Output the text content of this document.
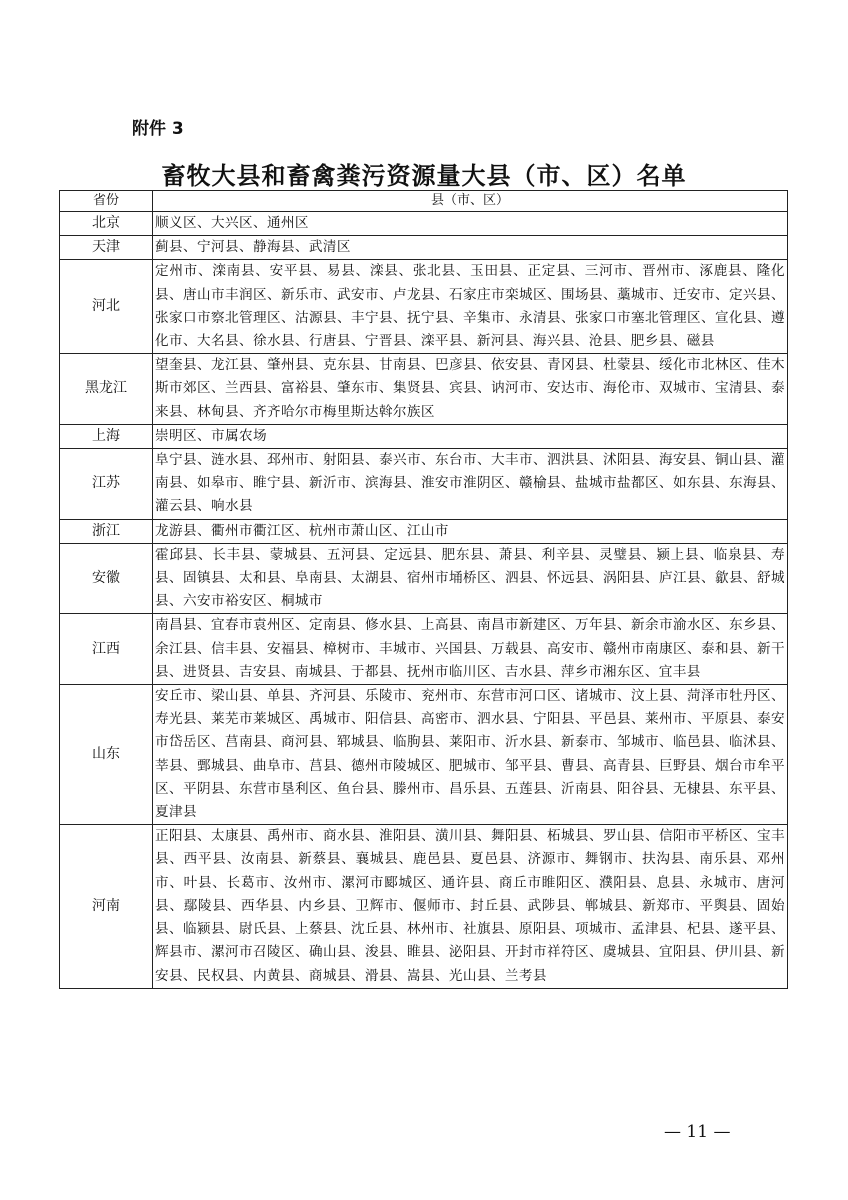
附件 3
畜牧大县和畜禽粪污资源量大县（市、区）名单
省份	县（市、区）
北京	顺义区、大兴区、通州区
天津	蓟县、宁河县、静海县、武清区
河北	定州市、滦南县、安平县、易县、滦县、张北县、玉田县、正定县、三河市、晋州市、涿鹿县、隆化县、唐山市丰润区、新乐市、武安市、卢龙县、石家庄市栾城区、围场县、藁城市、迁安市、定兴县、张家口市察北管理区、沽源县、丰宁县、抚宁县、辛集市、永清县、张家口市塞北管理区、宣化县、遵化市、大名县、徐水县、行唐县、宁晋县、滦平县、新河县、海兴县、沧县、肥乡县、磁县
黑龙江	望奎县、龙江县、肇州县、克东县、甘南县、巴彦县、依安县、青冈县、杜蒙县、绥化市北林区、佳木斯市郊区、兰西县、富裕县、肇东市、集贤县、宾县、讷河市、安达市、海伦市、双城市、宝清县、泰来县、林甸县、齐齐哈尔市梅里斯达斡尔族区
上海	崇明区、市属农场
江苏	阜宁县、涟水县、邳州市、射阳县、泰兴市、东台市、大丰市、泗洪县、沭阳县、海安县、铜山县、灌南县、如皋市、睢宁县、新沂市、滨海县、淮安市淮阴区、赣榆县、盐城市盐都区、如东县、东海县、灌云县、响水县
浙江	龙游县、衢州市衢江区、杭州市萧山区、江山市
安徽	霍邱县、长丰县、蒙城县、五河县、定远县、肥东县、萧县、利辛县、灵璧县、颍上县、临泉县、寿县、固镇县、太和县、阜南县、太湖县、宿州市埇桥区、泗县、怀远县、涡阳县、庐江县、歙县、舒城县、六安市裕安区、桐城市
江西	南昌县、宜春市袁州区、定南县、修水县、上高县、南昌市新建区、万年县、新余市渝水区、东乡县、余江县、信丰县、安福县、樟树市、丰城市、兴国县、万载县、高安市、赣州市南康区、泰和县、新干县、进贤县、吉安县、南城县、于都县、抚州市临川区、吉水县、萍乡市湘东区、宜丰县
山东	安丘市、梁山县、单县、齐河县、乐陵市、兖州市、东营市河口区、诸城市、汶上县、菏泽市牡丹区、寿光县、莱芜市莱城区、禹城市、阳信县、高密市、泗水县、宁阳县、平邑县、莱州市、平原县、泰安市岱岳区、莒南县、商河县、郓城县、临朐县、莱阳市、沂水县、新泰市、邹城市、临邑县、临沭县、莘县、鄄城县、曲阜市、莒县、德州市陵城区、肥城市、邹平县、曹县、高青县、巨野县、烟台市牟平区、平阴县、东营市垦利区、鱼台县、滕州市、昌乐县、五莲县、沂南县、阳谷县、无棣县、东平县、夏津县
河南	正阳县、太康县、禹州市、商水县、淮阳县、潢川县、舞阳县、柘城县、罗山县、信阳市平桥区、宝丰县、西平县、汝南县、新蔡县、襄城县、鹿邑县、夏邑县、济源市、舞钢市、扶沟县、南乐县、邓州市、叶县、长葛市、汝州市、漯河市郾城区、通许县、商丘市睢阳区、濮阳县、息县、永城市、唐河县、鄢陵县、西华县、内乡县、卫辉市、偃师市、封丘县、武陟县、郸城县、新郑市、平舆县、固始县、临颍县、尉氏县、上蔡县、沈丘县、林州市、社旗县、原阳县、项城市、孟津县、杞县、遂平县、辉县市、漯河市召陵区、确山县、浚县、睢县、泌阳县、开封市祥符区、虞城县、宜阳县、伊川县、新安县、民权县、内黄县、商城县、滑县、嵩县、光山县、兰考县
— 11 —
